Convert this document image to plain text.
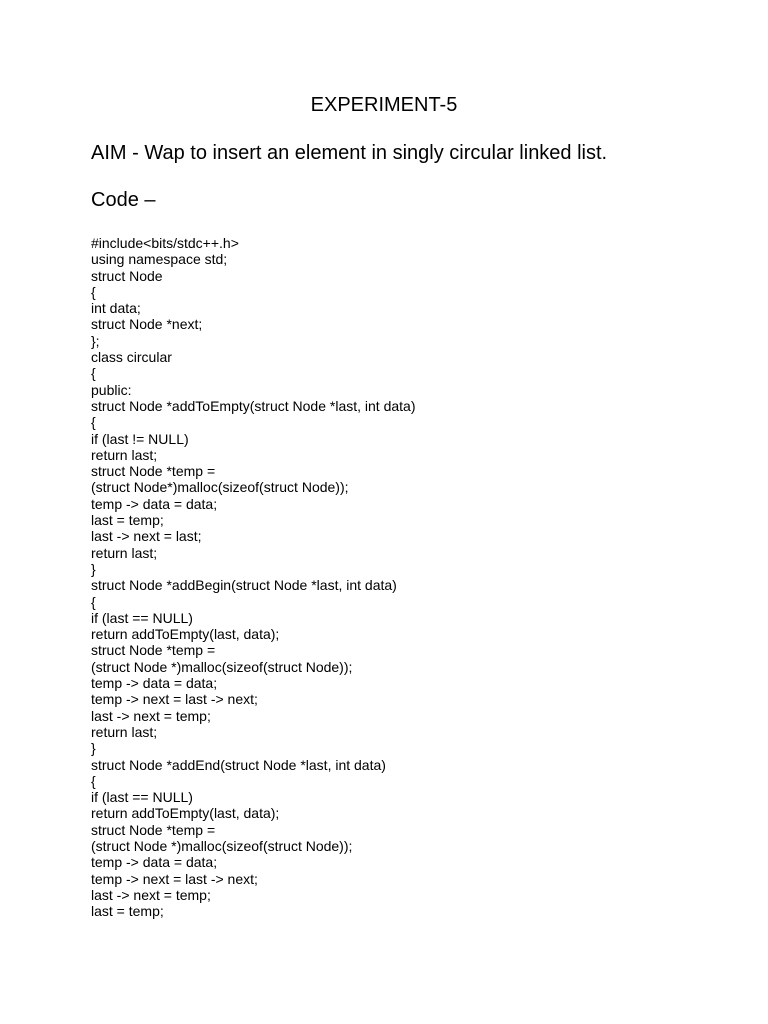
EXPERIMENT-5
AIM - Wap to insert an element in singly circular linked list.
Code –
#include<bits/stdc++.h>
using namespace std;
struct Node
{
int data;
struct Node *next;
};
class circular
{
public:
struct Node *addToEmpty(struct Node *last, int data)
{
if (last != NULL)
return last;
struct Node *temp =
(struct Node*)malloc(sizeof(struct Node));
temp -> data = data;
last = temp;
last -> next = last;
return last;
}
struct Node *addBegin(struct Node *last, int data)
{
if (last == NULL)
return addToEmpty(last, data);
struct Node *temp =
(struct Node *)malloc(sizeof(struct Node));
temp -> data = data;
temp -> next = last -> next;
last -> next = temp;
return last;
}
struct Node *addEnd(struct Node *last, int data)
{
if (last == NULL)
return addToEmpty(last, data);
struct Node *temp =
(struct Node *)malloc(sizeof(struct Node));
temp -> data = data;
temp -> next = last -> next;
last -> next = temp;
last = temp;
